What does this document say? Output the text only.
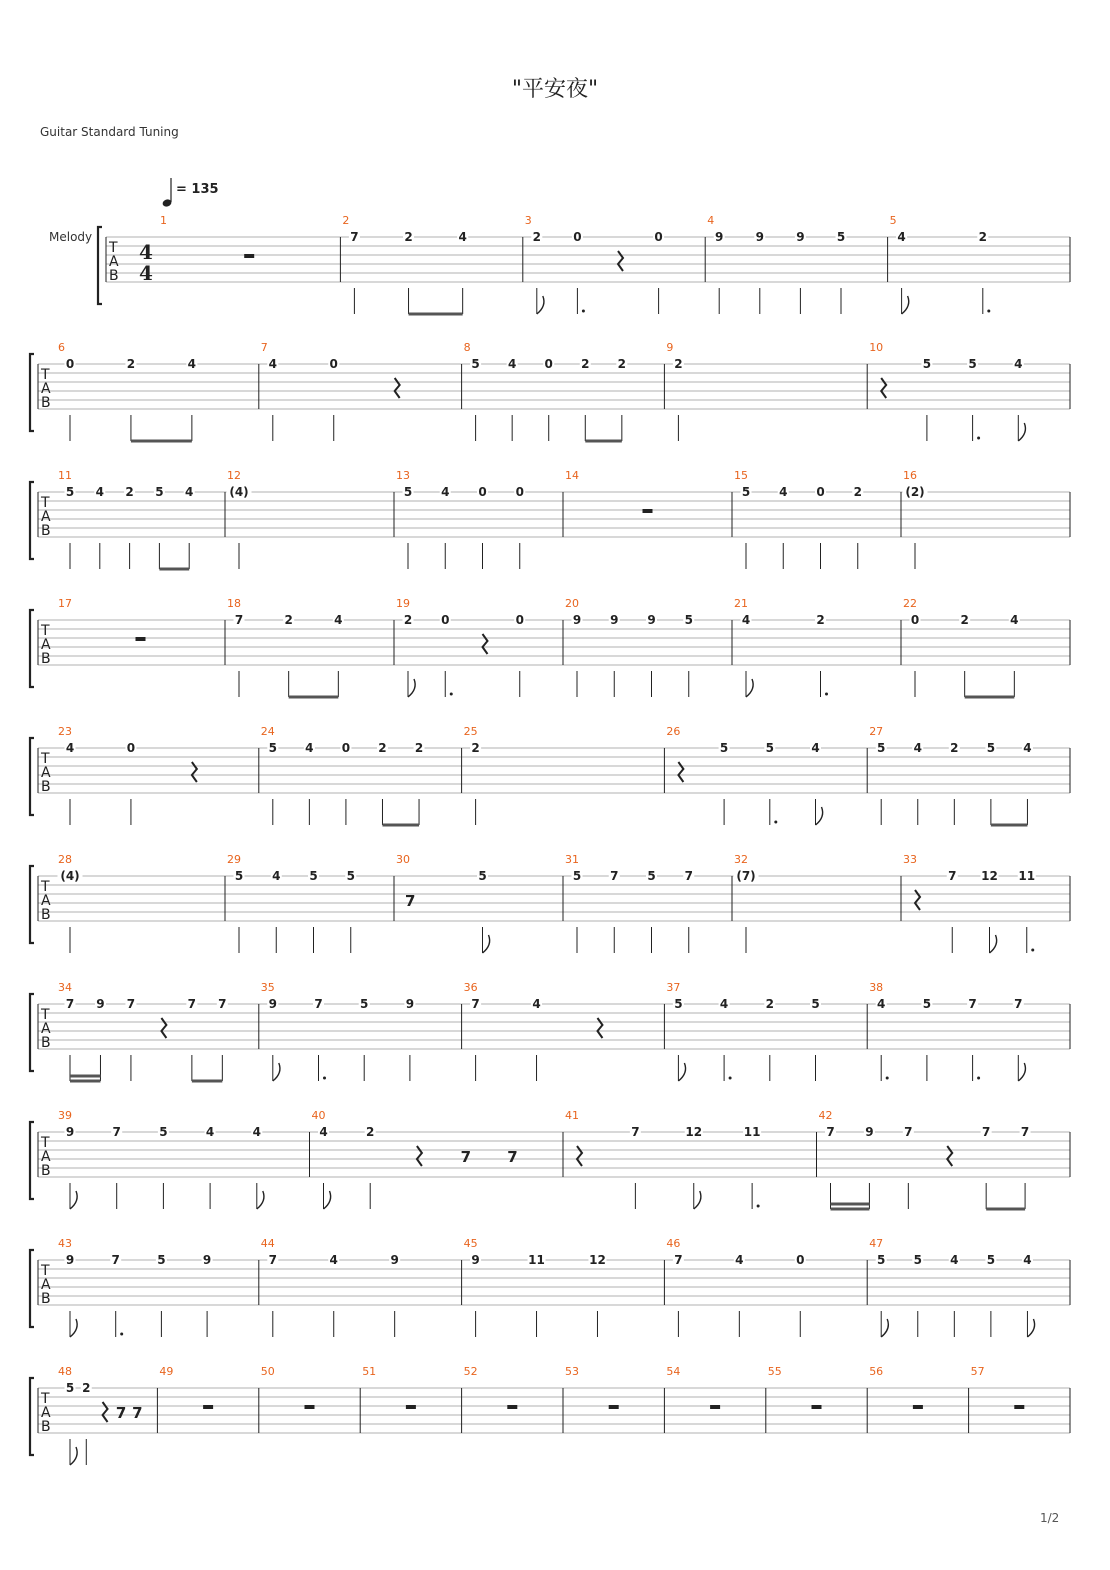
"平安夜"
Guitar Standard Tuning
1/2
T
A
B
4
4
Melody
= 135
1	2
7	2	4
3
2	0	0
4
9	9	9	5
5
4	2
T
A
B
6
0	2	4
7
4	0
8
5 4 0 2 2
9
2
10
5	5	4
T
A
B
11
5 4 2 5 4
12
(4)
13
5 4 0 0
14	15
5 4 0 2
16
(2)
T
A
B
17	18
7	2	4
19
2 0	0
20
9 9 9 5
21
4	2
22
0	2	4
T
A
B
23
4	0
24
5 4 0 2 2
25
2
26
5	5	4
27
5 4 2 5 4
T
A
B
28
(4)
29
5 4 5 5
30
7
5
31
5 7 5 7
32
(7)
33
7 12 11
T
A
B
34
7 9 7	7 7
35
9	7	5	9
36
7	4
37
5	4	2	5
38
4	5	7	7
T
A
B
39
9	7	5	4	4
40
4	2
7 7
41
7	12	11
42
7	9	7	7	7
T
A
B
43
9	7	5	9
44
7	4	9
45
9	11	12
46
7	4	0
47
5 5 4 5 4
T
A
B
48
5 2
7 7
49	50	51	52	53	54	55	56	57
